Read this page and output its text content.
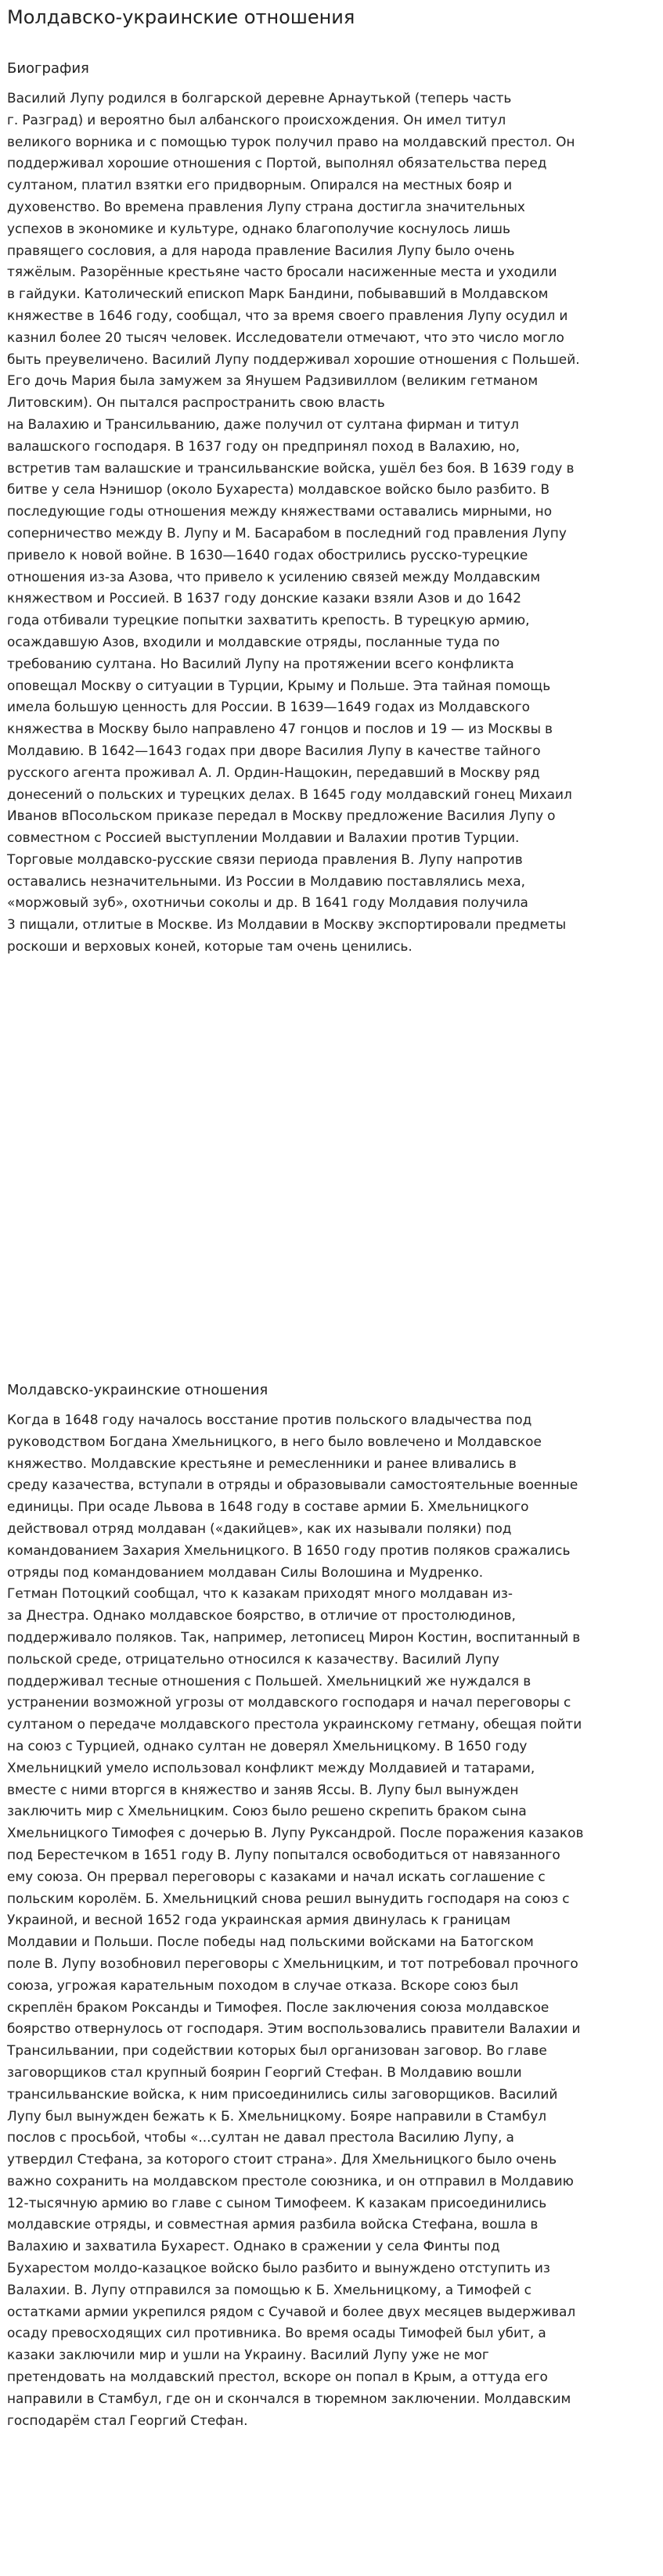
Молдавско-украинские отношения
Биография
Василий Лупу родился в болгарской деревне Арнаутькой (теперь часть
г. Разград) и вероятно был албанского происхождения. Он имел титул
великого ворника и с помощью турок получил право на молдавский престол. Он
поддерживал хорошие отношения с Портой, выполнял обязательства перед
султаном, платил взятки его придворным. Опирался на местных бояр и
духовенство. Во времена правления Лупу страна достигла значительных
успехов в экономике и культуре, однако благополучие коснулось лишь
правящего сословия, а для народа правление Василия Лупу было очень
тяжёлым. Разорённые крестьяне часто бросали насиженные места и уходили
в гайдуки. Католический епископ Марк Бандини, побывавший в Молдавском
княжестве в 1646 году, сообщал, что за время своего правления Лупу осудил и
казнил более 20 тысяч человек. Исследователи отмечают, что это число могло
быть преувеличено. Василий Лупу поддерживал хорошие отношения с Польшей.
Его дочь Мария была замужем за Янушем Радзивиллом (великим гетманом
Литовским). Он пытался распространить свою власть
на Валахию и Трансильванию, даже получил от султана фирман и титул
валашского господаря. В 1637 году он предпринял поход в Валахию, но,
встретив там валашские и трансильванские войска, ушёл без боя. В 1639 году в
битве у села Нэнишор (около Бухареста) молдавское войско было разбито. В
последующие годы отношения между княжествами оставались мирными, но
соперничество между В. Лупу и М. Басарабом в последний год правления Лупу
привело к новой войне. В 1630—1640 годах обострились русско-турецкие
отношения из-за Азова, что привело к усилению связей между Молдавским
княжеством и Россией. В 1637 году донские казаки взяли Азов и до 1642
года отбивали турецкие попытки захватить крепость. В турецкую армию,
осаждавшую Азов, входили и молдавские отряды, посланные туда по
требованию султана. Но Василий Лупу на протяжении всего конфликта
оповещал Москву о ситуации в Турции, Крыму и Польше. Эта тайная помощь
имела большую ценность для России. В 1639—1649 годах из Молдавского
княжества в Москву было направлено 47 гонцов и послов и 19 — из Москвы в
Молдавию. В 1642—1643 годах при дворе Василия Лупу в качестве тайного
русского агента проживал А. Л. Ордин-Нащокин, передавший в Москву ряд
донесений о польских и турецких делах. В 1645 году молдавский гонец Михаил
Иванов вПосольском приказе передал в Москву предложение Василия Лупу о
совместном с Россией выступлении Молдавии и Валахии против Турции.
Торговые молдавско-русские связи периода правления В. Лупу напротив
оставались незначительными. Из России в Молдавию поставлялись меха,
«моржовый зуб», охотничьи соколы и др. В 1641 году Молдавия получила
3 пищали, отлитые в Москве. Из Молдавии в Москву экспортировали предметы
роскоши и верховых коней, которые там очень ценились.
Молдавско-украинские отношения
Когда в 1648 году началось восстание против польского владычества под
руководством Богдана Хмельницкого, в него было вовлечено и Молдавское
княжество. Молдавские крестьяне и ремесленники и ранее вливались в
среду казачества, вступали в отряды и образовывали самостоятельные военные
единицы. При осаде Львова в 1648 году в составе армии Б. Хмельницкого
действовал отряд молдаван («дакийцев», как их называли поляки) под
командованием Захария Хмельницкого. В 1650 году против поляков сражались
отряды под командованием молдаван Силы Волошина и Мудренко.
Гетман Потоцкий сообщал, что к казакам приходят много молдаван из-
за Днестра. Однако молдавское боярство, в отличие от простолюдинов,
поддерживало поляков. Так, например, летописец Мирон Костин, воспитанный в
польской среде, отрицательно относился к казачеству. Василий Лупу
поддерживал тесные отношения с Польшей. Хмельницкий же нуждался в
устранении возможной угрозы от молдавского господаря и начал переговоры с
султаном о передаче молдавского престола украинскому гетману, обещая пойти
на союз с Турцией, однако султан не доверял Хмельницкому. В 1650 году
Хмельницкий умело использовал конфликт между Молдавией и татарами,
вместе с ними вторгся в княжество и заняв Яссы. В. Лупу был вынужден
заключить мир с Хмельницким. Союз было решено скрепить браком сына
Хмельницкого Тимофея с дочерью В. Лупу Руксандрой. После поражения казаков
под Берестечком в 1651 году В. Лупу попытался освободиться от навязанного
ему союза. Он прервал переговоры с казаками и начал искать соглашение с
польским королём. Б. Хмельницкий снова решил вынудить господаря на союз с
Украиной, и весной 1652 года украинская армия двинулась к границам
Молдавии и Польши. После победы над польскими войсками на Батогском
поле В. Лупу возобновил переговоры с Хмельницким, и тот потребовал прочного
союза, угрожая карательным походом в случае отказа. Вскоре союз был
скреплён браком Роксанды и Тимофея. После заключения союза молдавское
боярство отвернулось от господаря. Этим воспользовались правители Валахии и
Трансильвании, при содействии которых был организован заговор. Во главе
заговорщиков стал крупный боярин Георгий Стефан. В Молдавию вошли
трансильванские войска, к ним присоединились силы заговорщиков. Василий
Лупу был вынужден бежать к Б. Хмельницкому. Бояре направили в Стамбул
послов с просьбой, чтобы «...султан не давал престола Василию Лупу, а
утвердил Стефана, за которого стоит страна». Для Хмельницкого было очень
важно сохранить на молдавском престоле союзника, и он отправил в Молдавию
12-тысячную армию во главе с сыном Тимофеем. К казакам присоединились
молдавские отряды, и совместная армия разбила войска Стефана, вошла в
Валахию и захватила Бухарест. Однако в сражении у села Финты под
Бухарестом молдо-казацкое войско было разбито и вынуждено отступить из
Валахии. В. Лупу отправился за помощью к Б. Хмельницкому, а Тимофей с
остатками армии укрепился рядом с Сучавой и более двух месяцев выдерживал
осаду превосходящих сил противника. Во время осады Тимофей был убит, а
казаки заключили мир и ушли на Украину. Василий Лупу уже не мог
претендовать на молдавский престол, вскоре он попал в Крым, а оттуда его
направили в Стамбул, где он и скончался в тюремном заключении. Молдавским
господарём стал Георгий Стефан.
